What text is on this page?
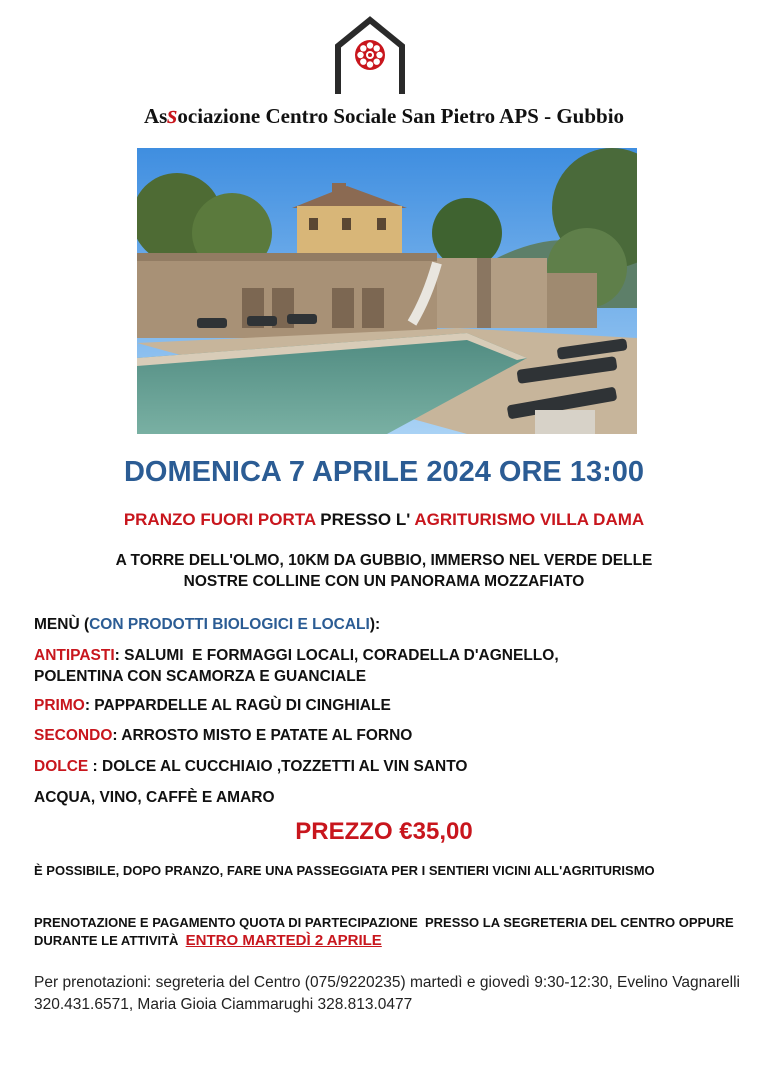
Associazione Centro Sociale San Pietro APS - Gubbio
DOMENICA 7 APRILE 2024 ORE 13:00
PRANZO FUORI PORTA PRESSO L' AGRITURISMO VILLA DAMA
A TORRE DELL'OLMO, 10KM DA GUBBIO, IMMERSO NEL VERDE DELLE
NOSTRE COLLINE CON UN PANORAMA MOZZAFIATO
MENÙ (CON PRODOTTI BIOLOGICI E LOCALI):
ANTIPASTI: SALUMI  E FORMAGGI LOCALI, CORADELLA D'AGNELLO,
POLENTINA CON SCAMORZA E GUANCIALE
PRIMO: PAPPARDELLE AL RAGÙ DI CINGHIALE
SECONDO: ARROSTO MISTO E PATATE AL FORNO
DOLCE : DOLCE AL CUCCHIAIO ,TOZZETTI AL VIN SANTO
ACQUA, VINO, CAFFÈ E AMARO
PREZZO €35,00
È POSSIBILE, DOPO PRANZO, FARE UNA PASSEGGIATA PER I SENTIERI VICINI ALL'AGRITURISMO
PRENOTAZIONE E PAGAMENTO QUOTA DI PARTECIPAZIONE  PRESSO LA SEGRETERIA DEL CENTRO OPPURE DURANTE LE ATTIVITÀ  ENTRO MARTEDÌ 2 APRILE
Per prenotazioni: segreteria del Centro (075/9220235) martedì e giovedì 9:30-12:30, Evelino Vagnarelli 320.431.6571, Maria Gioia Ciammarughi 328.813.0477
